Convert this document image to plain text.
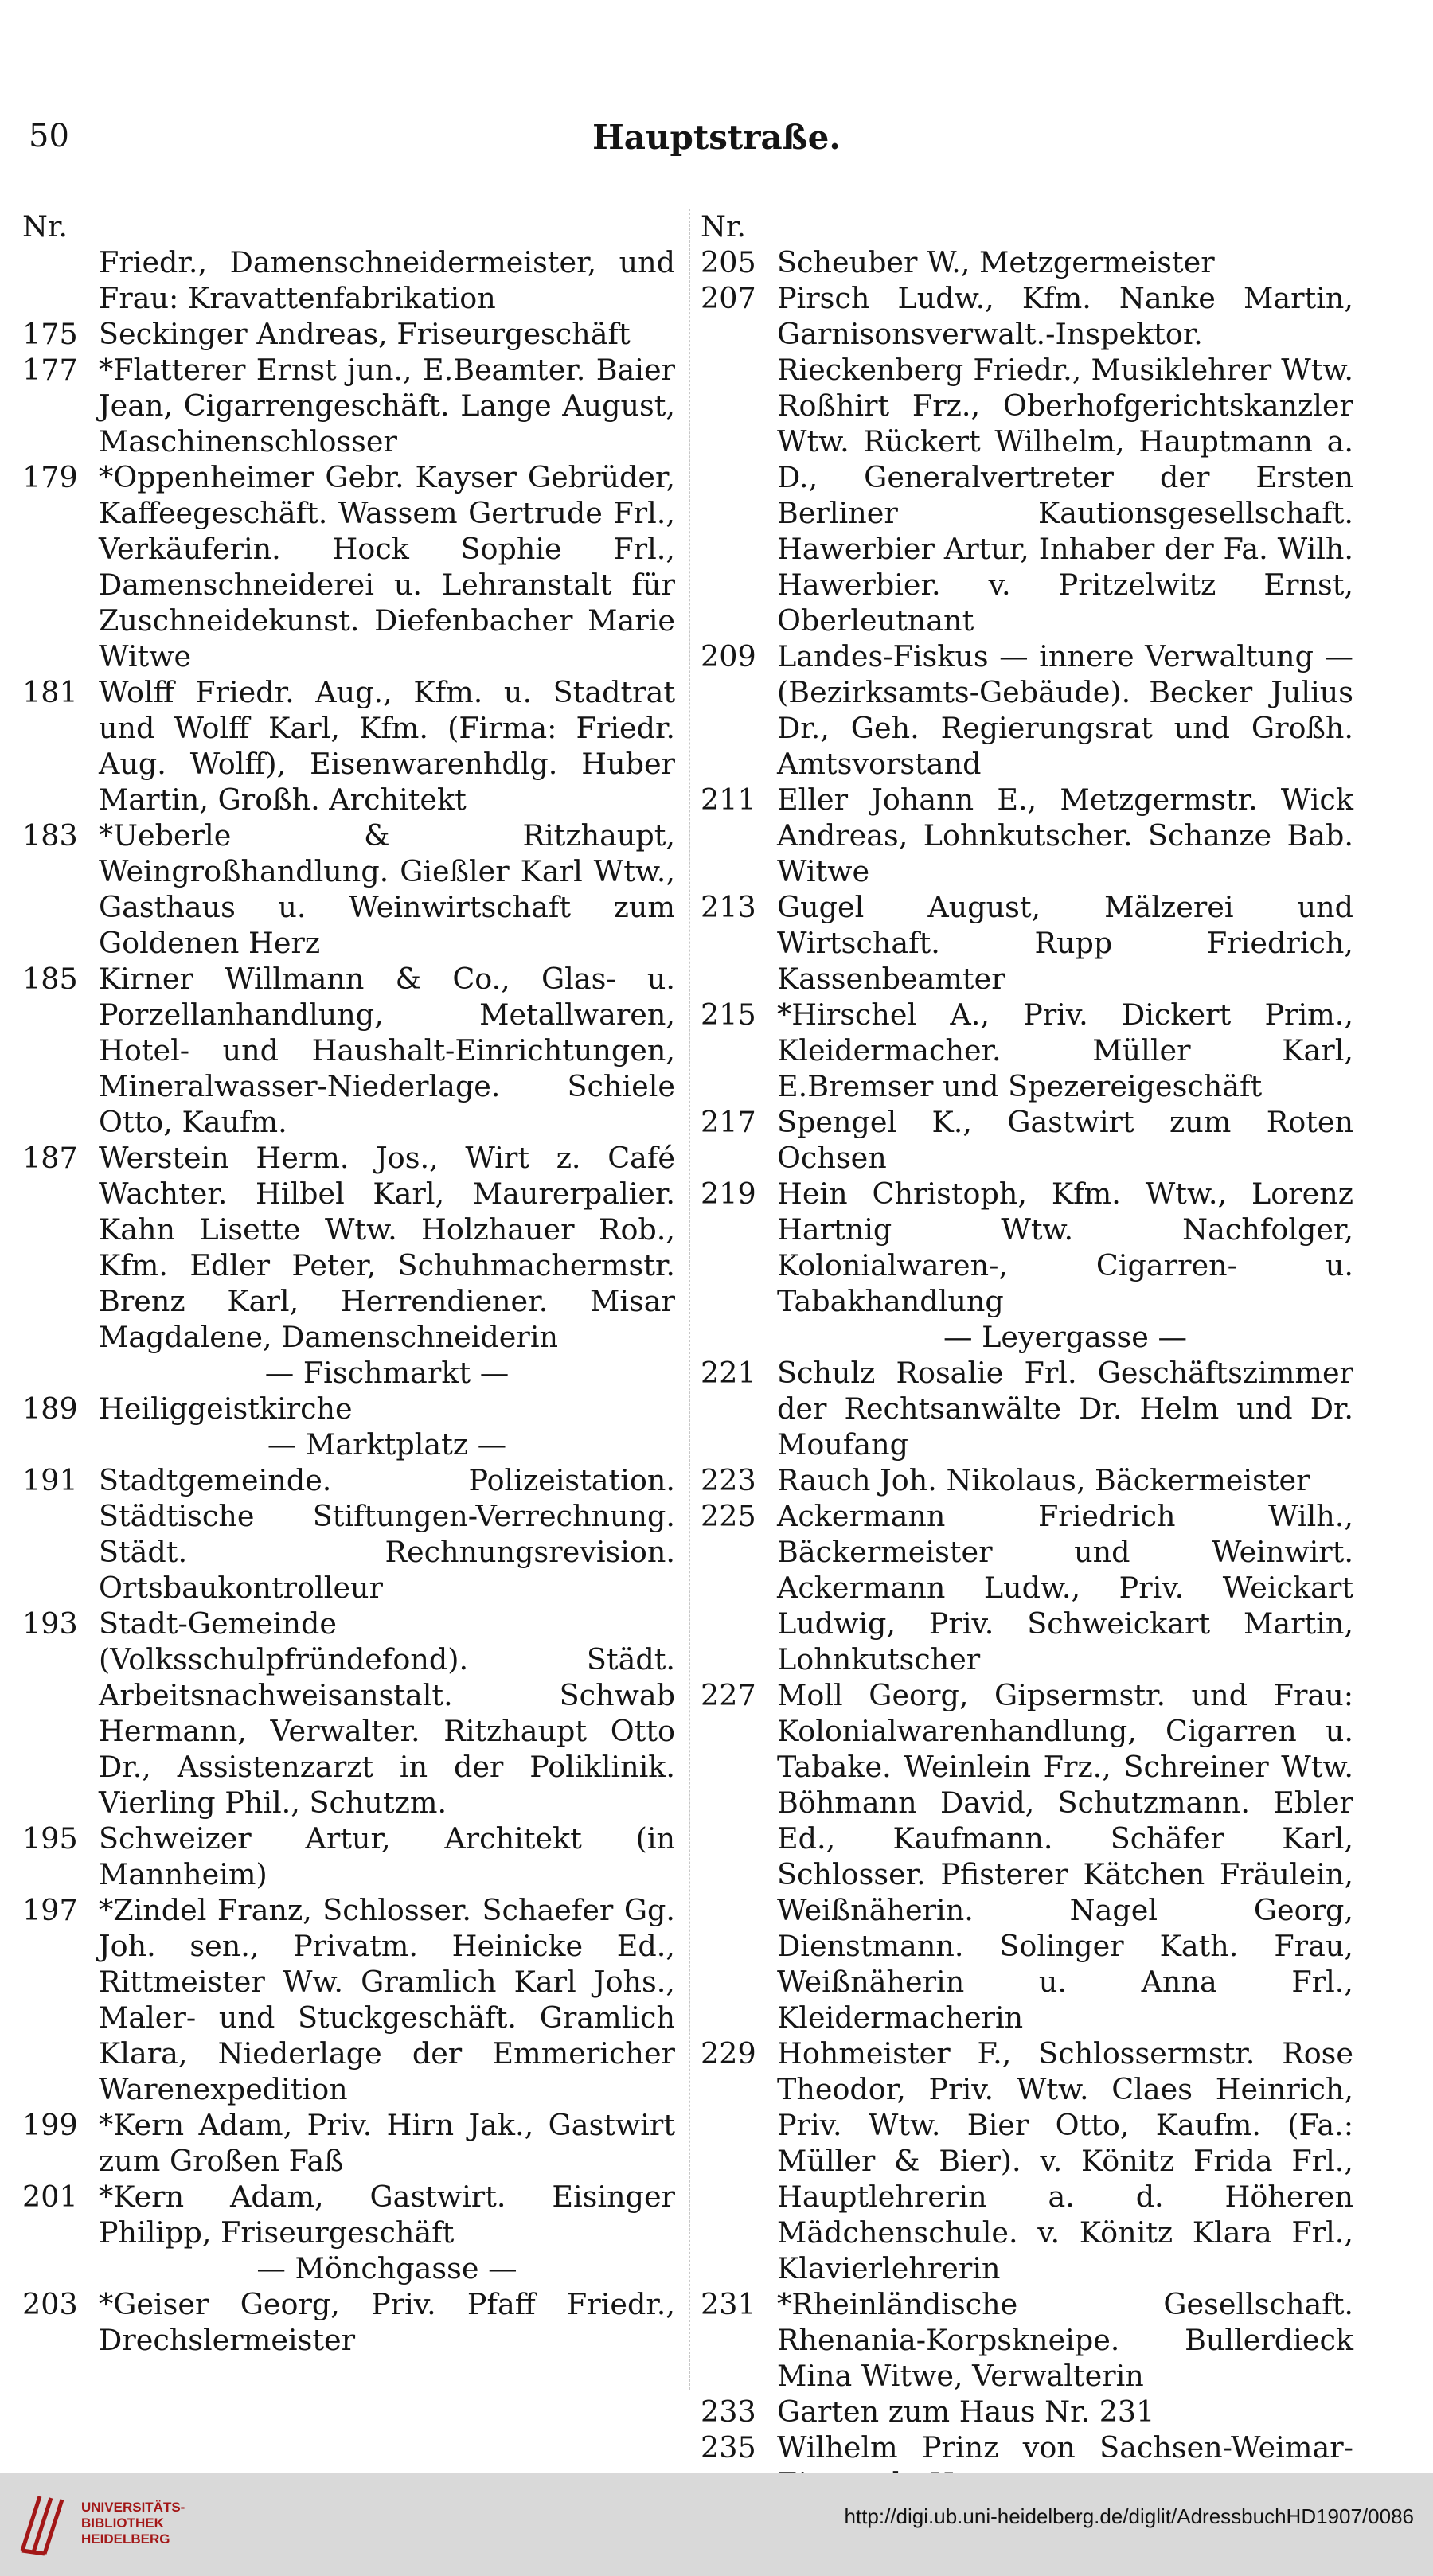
50	Hauptstraße.
Nr.
Friedr., Damenschneidermeister, und Frau: Kravattenfabrikation
175 Seckinger Andreas, Friseurgeschäft
177 *Flatterer Ernst jun., E.Beamter. Baier Jean, Cigarrengeschäft. Lange August, Maschinenschlosser
179 *Oppenheimer Gebr. Kayser Gebrüder, Kaffeegeschäft. Wassem Gertrude Frl., Verkäuferin. Hock Sophie Frl., Damenschneiderei u. Lehranstalt für Zuschneidekunst. Diefenbacher Marie Witwe
181 Wolff Friedr. Aug., Kfm. u. Stadtrat und Wolff Karl, Kfm. (Firma: Friedr. Aug. Wolff), Eisenwarenhdlg. Huber Martin, Großh. Architekt
183 *Ueberle & Ritzhaupt, Weingroßhandlung. Gießler Karl Wtw., Gasthaus u. Weinwirtschaft zum Goldenen Herz
185 Kirner Willmann & Co., Glas- u. Porzellanhandlung, Metallwaren, Hotel- und Haushalt-Einrichtungen, Mineralwasser-Niederlage. Schiele Otto, Kaufm.
187 Werstein Herm. Jos., Wirt z. Café Wachter. Hilbel Karl, Maurerpalier. Kahn Lisette Wtw. Holzhauer Rob., Kfm. Edler Peter, Schuhmachermstr. Brenz Karl, Herrendiener. Misar Magdalene, Damenschneiderin
— Fischmarkt —
189 Heiliggeistkirche
— Marktplatz —
191 Stadtgemeinde. Polizeistation. Städtische Stiftungen-Verrechnung. Städt. Rechnungsrevision. Ortsbaukontrolleur
193 Stadt-Gemeinde (Volksschulpfründefond). Städt. Arbeitsnachweisanstalt. Schwab Hermann, Verwalter. Ritzhaupt Otto Dr., Assistenzarzt in der Poliklinik. Vierling Phil., Schutzm.
195 Schweizer Artur, Architekt (in Mannheim)
197 *Zindel Franz, Schlosser. Schaefer Gg. Joh. sen., Privatm. Heinicke Ed., Rittmeister Ww. Gramlich Karl Johs., Maler- und Stuckgeschäft. Gramlich Klara, Niederlage der Emmericher Warenexpedition
199 *Kern Adam, Priv. Hirn Jak., Gastwirt zum Großen Faß
201 *Kern Adam, Gastwirt. Eisinger Philipp, Friseurgeschäft
— Mönchgasse —
203 *Geiser Georg, Priv. Pfaff Friedr., Drechslermeister
Nr.
205 Scheuber W., Metzgermeister
207 Pirsch Ludw., Kfm. Nanke Martin, Garnisonsverwalt.-Inspektor. Rieckenberg Friedr., Musiklehrer Wtw. Roßhirt Frz., Oberhofgerichtskanzler Wtw. Rückert Wilhelm, Hauptmann a. D., Generalvertreter der Ersten Berliner Kautionsgesellschaft. Hawerbier Artur, Inhaber der Fa. Wilh. Hawerbier. v. Pritzelwitz Ernst, Oberleutnant
209 Landes-Fiskus — innere Verwaltung — (Bezirksamts-Gebäude). Becker Julius Dr., Geh. Regierungsrat und Großh. Amtsvorstand
211 Eller Johann E., Metzgermstr. Wick Andreas, Lohnkutscher. Schanze Bab. Witwe
213 Gugel August, Mälzerei und Wirtschaft. Rupp Friedrich, Kassenbeamter
215 *Hirschel A., Priv. Dickert Prim., Kleidermacher. Müller Karl, E.Bremser und Spezereigeschäft
217 Spengel K., Gastwirt zum Roten Ochsen
219 Hein Christoph, Kfm. Wtw., Lorenz Hartnig Wtw. Nachfolger, Kolonialwaren-, Cigarren- u. Tabakhandlung
— Leyergasse —
221 Schulz Rosalie Frl. Geschäftszimmer der Rechtsanwälte Dr. Helm und Dr. Moufang
223 Rauch Joh. Nikolaus, Bäckermeister
225 Ackermann Friedrich Wilh., Bäckermeister und Weinwirt. Ackermann Ludw., Priv. Weickart Ludwig, Priv. Schweickart Martin, Lohnkutscher
227 Moll Georg, Gipsermstr. und Frau: Kolonialwarenhandlung, Cigarren u. Tabake. Weinlein Frz., Schreiner Wtw. Böhmann David, Schutzmann. Ebler Ed., Kaufmann. Schäfer Karl, Schlosser. Pfisterer Kätchen Fräulein, Weißnäherin. Nagel Georg, Dienstmann. Solinger Kath. Frau, Weißnäherin u. Anna Frl., Kleidermacherin
229 Hohmeister F., Schlossermstr. Rose Theodor, Priv. Wtw. Claes Heinrich, Priv. Wtw. Bier Otto, Kaufm. (Fa.: Müller & Bier). v. Könitz Frida Frl., Hauptlehrerin a. d. Höheren Mädchenschule. v. Könitz Klara Frl., Klavierlehrerin
231 *Rheinländische Gesellschaft. Rhenania-Korpskneipe. Bullerdieck Mina Witwe, Verwalterin
233 Garten zum Haus Nr. 231
235 Wilhelm Prinz von Sachsen-Weimar-
UNIVERSITÄTS-
BIBLIOTHEK
HEIDELBERG
http://digi.ub.uni-heidelberg.de/diglit/AdressbuchHD1907/0086
